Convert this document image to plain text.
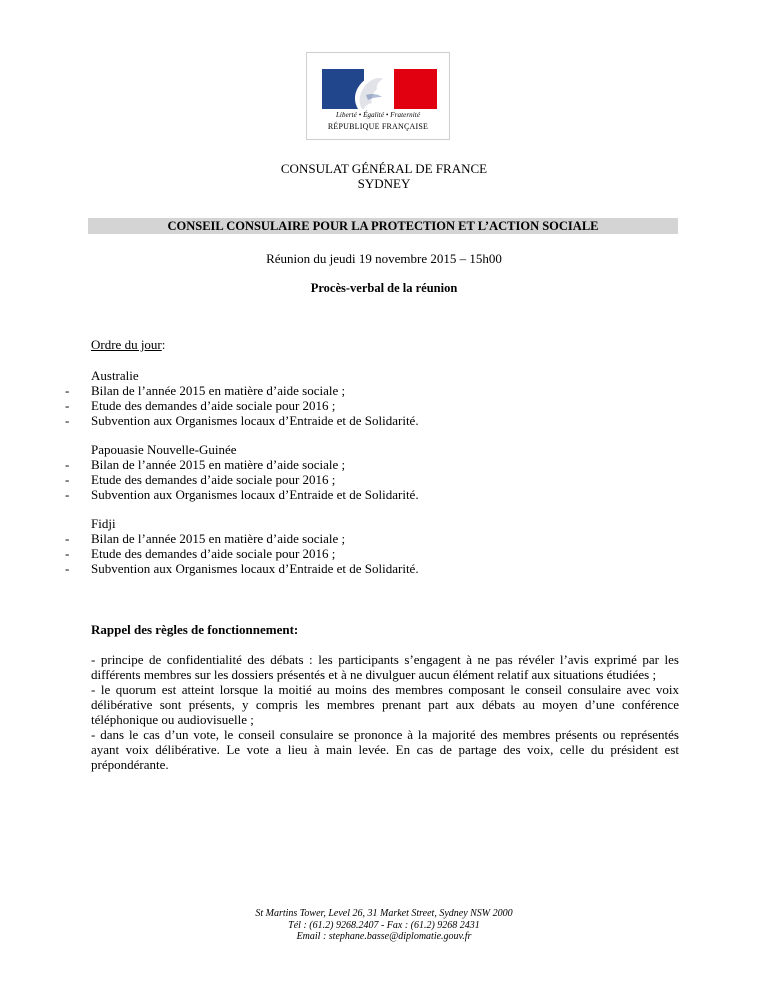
Liberté • Égalité • Fraternité
RÉPUBLIQUE FRANÇAISE
CONSULAT GÉNÉRAL DE FRANCE
SYDNEY
CONSEIL CONSULAIRE POUR LA PROTECTION ET L’ACTION SOCIALE
Réunion du jeudi 19 novembre 2015 – 15h00
Procès-verbal de la réunion
Ordre du jour:
Australie
- Bilan de l’année 2015 en matière d’aide sociale ;
- Etude des demandes d’aide sociale pour 2016 ;
- Subvention aux Organismes locaux d’Entraide et de Solidarité.
Papouasie Nouvelle-Guinée
- Bilan de l’année 2015 en matière d’aide sociale ;
- Etude des demandes d’aide sociale pour 2016 ;
- Subvention aux Organismes locaux d’Entraide et de Solidarité.
Fidji
- Bilan de l’année 2015 en matière d’aide sociale ;
- Etude des demandes d’aide sociale pour 2016 ;
- Subvention aux Organismes locaux d’Entraide et de Solidarité.
Rappel des règles de fonctionnement:

- principe de confidentialité des débats : les participants s’engagent à ne pas révéler l’avis exprimé par les différents membres sur les dossiers présentés et à ne divulguer aucun élément relatif aux situations étudiées ;

- le quorum est atteint lorsque la moitié au moins des membres composant le conseil consulaire avec voix délibérative sont présents, y compris les membres prenant part aux débats au moyen d’une conférence téléphonique ou audiovisuelle ;

- dans le cas d’un vote, le conseil consulaire se prononce à la majorité des membres présents ou représentés ayant voix délibérative. Le vote a lieu à main levée. En cas de partage des voix, celle du président est prépondérante.

St Martins Tower, Level 26, 31 Market Street, Sydney NSW 2000
Tél : (61.2) 9268.2407 - Fax : (61.2) 9268 2431
Email : stephane.basse@diplomatie.gouv.fr
